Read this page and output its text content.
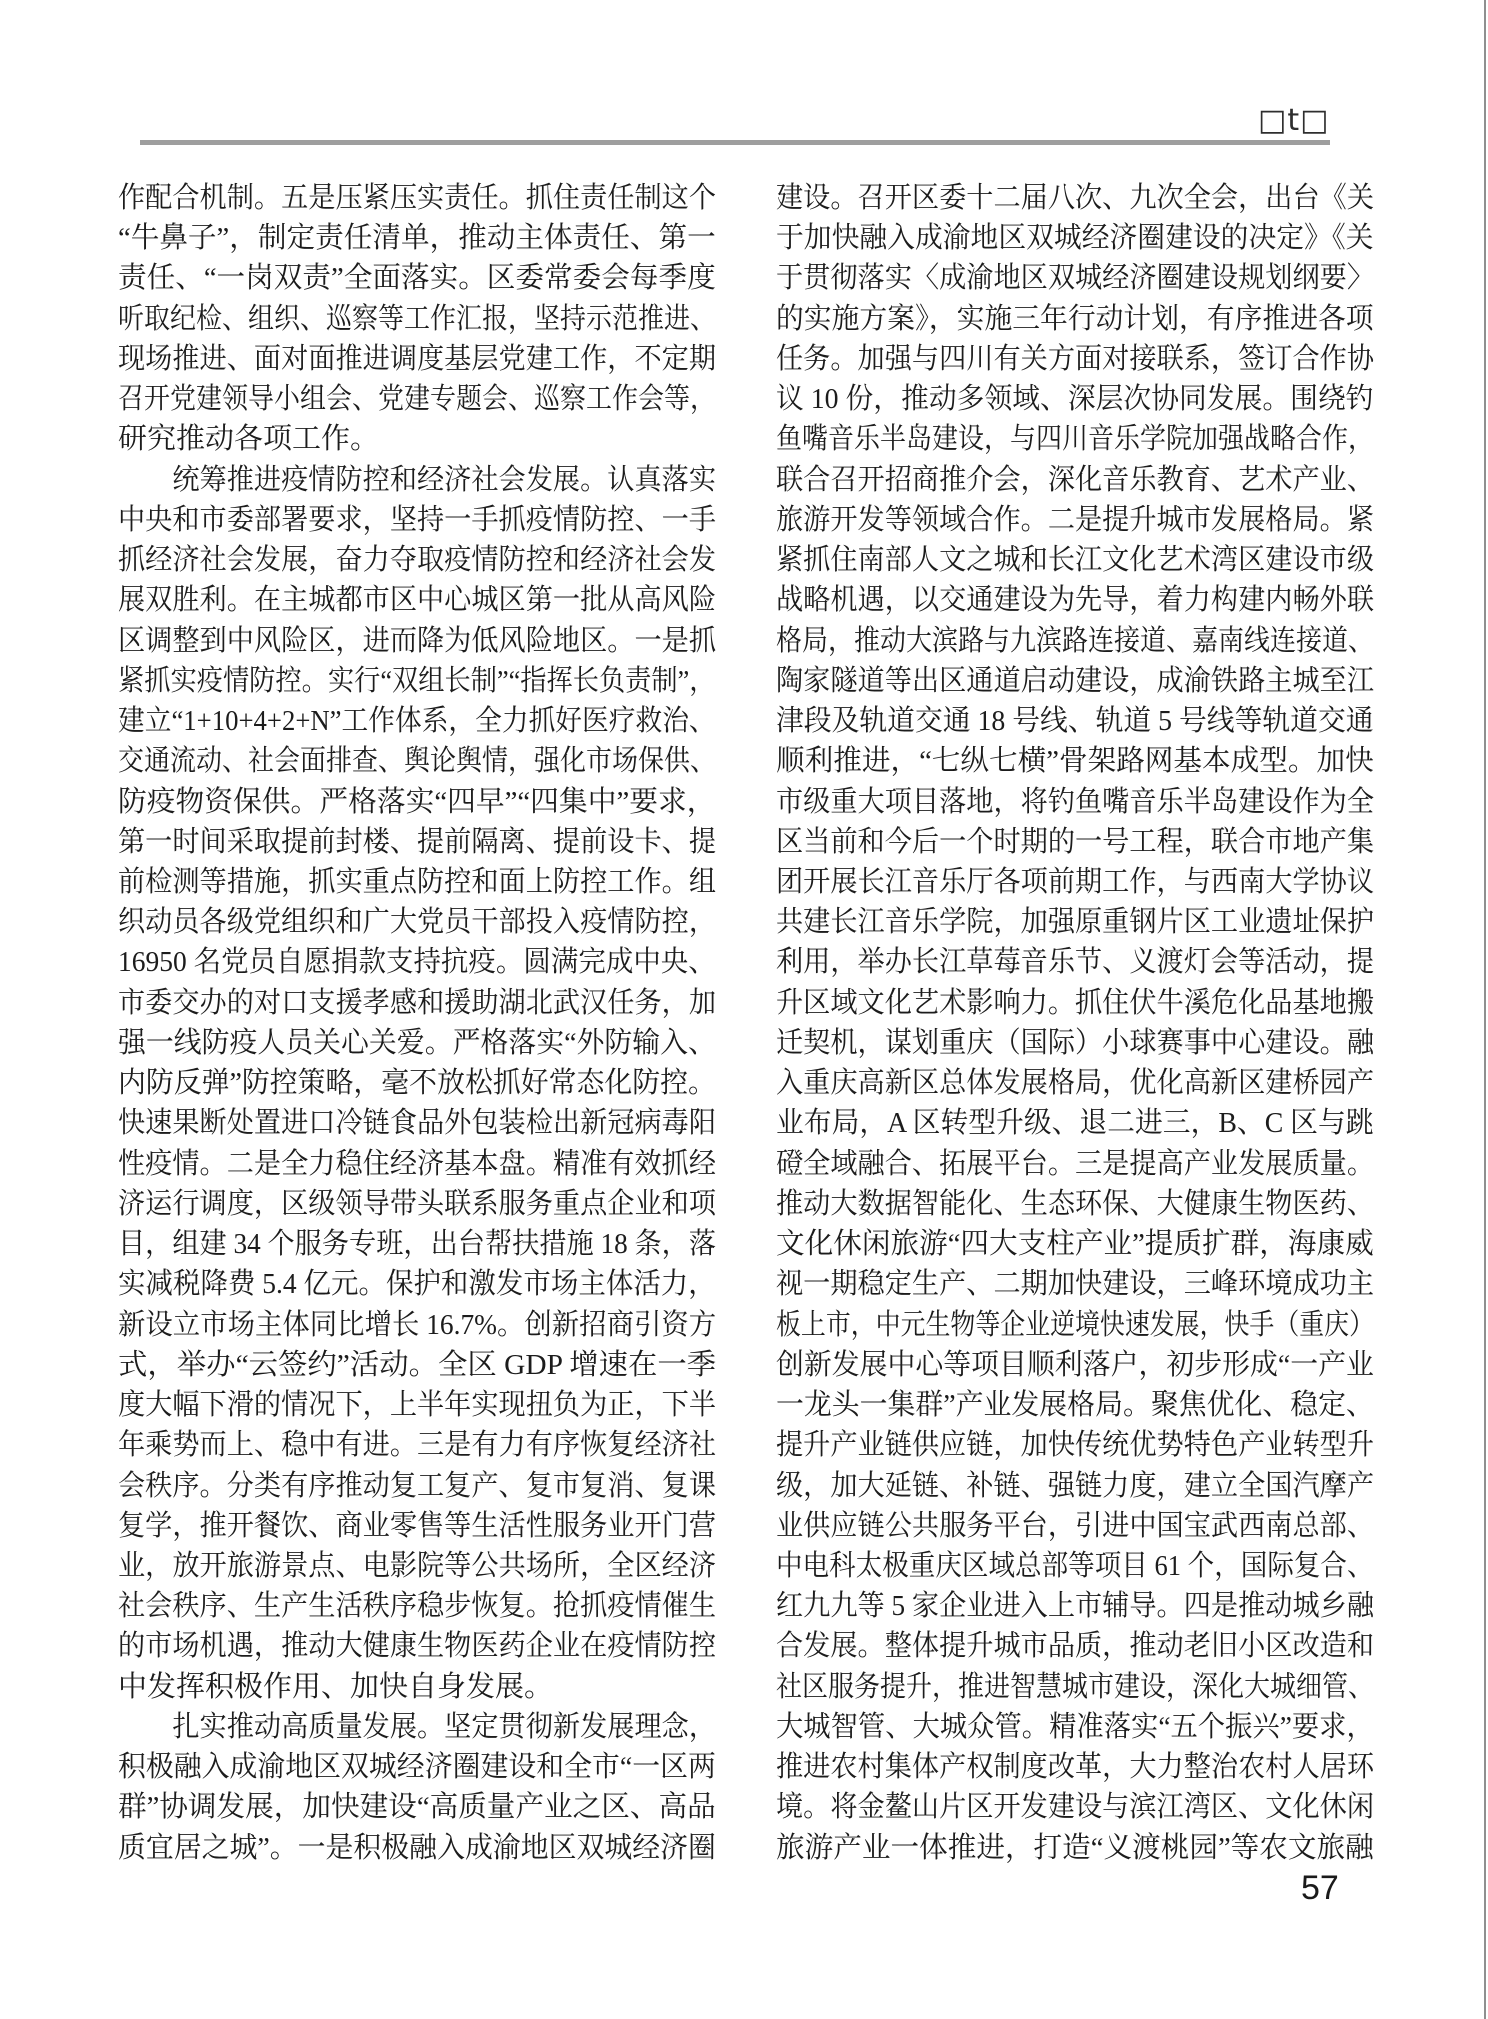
□t□
作配合机制。五是压紧压实责任。抓住责任制这个
“牛鼻子”，制定责任清单，推动主体责任、第一
责任、“一岗双责”全面落实。区委常委会每季度
听取纪检、组织、巡察等工作汇报，坚持示范推进、
现场推进、面对面推进调度基层党建工作，不定期
召开党建领导小组会、党建专题会、巡察工作会等，
研究推动各项工作。
　　统筹推进疫情防控和经济社会发展。认真落实
中央和市委部署要求，坚持一手抓疫情防控、一手
抓经济社会发展，奋力夺取疫情防控和经济社会发
展双胜利。在主城都市区中心城区第一批从高风险
区调整到中风险区，进而降为低风险地区。一是抓
紧抓实疫情防控。实行“双组长制”“指挥长负责制”，
建立“1+10+4+2+N”工作体系，全力抓好医疗救治、
交通流动、社会面排查、舆论舆情，强化市场保供、
防疫物资保供。严格落实“四早”“四集中”要求，
第一时间采取提前封楼、提前隔离、提前设卡、提
前检测等措施，抓实重点防控和面上防控工作。组
织动员各级党组织和广大党员干部投入疫情防控，
16950 名党员自愿捐款支持抗疫。圆满完成中央、
市委交办的对口支援孝感和援助湖北武汉任务，加
强一线防疫人员关心关爱。严格落实“外防输入、
内防反弹”防控策略，毫不放松抓好常态化防控。
快速果断处置进口冷链食品外包装检出新冠病毒阳
性疫情。二是全力稳住经济基本盘。精准有效抓经
济运行调度，区级领导带头联系服务重点企业和项
目，组建 34 个服务专班，出台帮扶措施 18 条，落
实减税降费 5.4 亿元。保护和激发市场主体活力，
新设立市场主体同比增长 16.7%。创新招商引资方
式，举办“云签约”活动。全区 GDP 增速在一季
度大幅下滑的情况下，上半年实现扭负为正，下半
年乘势而上、稳中有进。三是有力有序恢复经济社
会秩序。分类有序推动复工复产、复市复消、复课
复学，推开餐饮、商业零售等生活性服务业开门营
业，放开旅游景点、电影院等公共场所，全区经济
社会秩序、生产生活秩序稳步恢复。抢抓疫情催生
的市场机遇，推动大健康生物医药企业在疫情防控
中发挥积极作用、加快自身发展。
　　扎实推动高质量发展。坚定贯彻新发展理念，
积极融入成渝地区双城经济圈建设和全市“一区两
群”协调发展，加快建设“高质量产业之区、高品
质宜居之城”。一是积极融入成渝地区双城经济圈
建设。召开区委十二届八次、九次全会，出台《关
于加快融入成渝地区双城经济圈建设的决定》《关
于贯彻落实〈成渝地区双城经济圈建设规划纲要〉
的实施方案》，实施三年行动计划，有序推进各项
任务。加强与四川有关方面对接联系，签订合作协
议 10 份，推动多领域、深层次协同发展。围绕钓
鱼嘴音乐半岛建设，与四川音乐学院加强战略合作，
联合召开招商推介会，深化音乐教育、艺术产业、
旅游开发等领域合作。二是提升城市发展格局。紧
紧抓住南部人文之城和长江文化艺术湾区建设市级
战略机遇，以交通建设为先导，着力构建内畅外联
格局，推动大滨路与九滨路连接道、嘉南线连接道、
陶家隧道等出区通道启动建设，成渝铁路主城至江
津段及轨道交通 18 号线、轨道 5 号线等轨道交通
顺利推进，“七纵七横”骨架路网基本成型。加快
市级重大项目落地，将钓鱼嘴音乐半岛建设作为全
区当前和今后一个时期的一号工程，联合市地产集
团开展长江音乐厅各项前期工作，与西南大学协议
共建长江音乐学院，加强原重钢片区工业遗址保护
利用，举办长江草莓音乐节、义渡灯会等活动，提
升区域文化艺术影响力。抓住伏牛溪危化品基地搬
迁契机，谋划重庆（国际）小球赛事中心建设。融
入重庆高新区总体发展格局，优化高新区建桥园产
业布局，A 区转型升级、退二进三，B、C 区与跳
磴全域融合、拓展平台。三是提高产业发展质量。
推动大数据智能化、生态环保、大健康生物医药、
文化休闲旅游“四大支柱产业”提质扩群，海康威
视一期稳定生产、二期加快建设，三峰环境成功主
板上市，中元生物等企业逆境快速发展，快手（重庆）
创新发展中心等项目顺利落户，初步形成“一产业
一龙头一集群”产业发展格局。聚焦优化、稳定、
提升产业链供应链，加快传统优势特色产业转型升
级，加大延链、补链、强链力度，建立全国汽摩产
业供应链公共服务平台，引进中国宝武西南总部、
中电科太极重庆区域总部等项目 61 个，国际复合、
红九九等 5 家企业进入上市辅导。四是推动城乡融
合发展。整体提升城市品质，推动老旧小区改造和
社区服务提升，推进智慧城市建设，深化大城细管、
大城智管、大城众管。精准落实“五个振兴”要求，
推进农村集体产权制度改革，大力整治农村人居环
境。将金鳌山片区开发建设与滨江湾区、文化休闲
旅游产业一体推进，打造“义渡桃园”等农文旅融
57
